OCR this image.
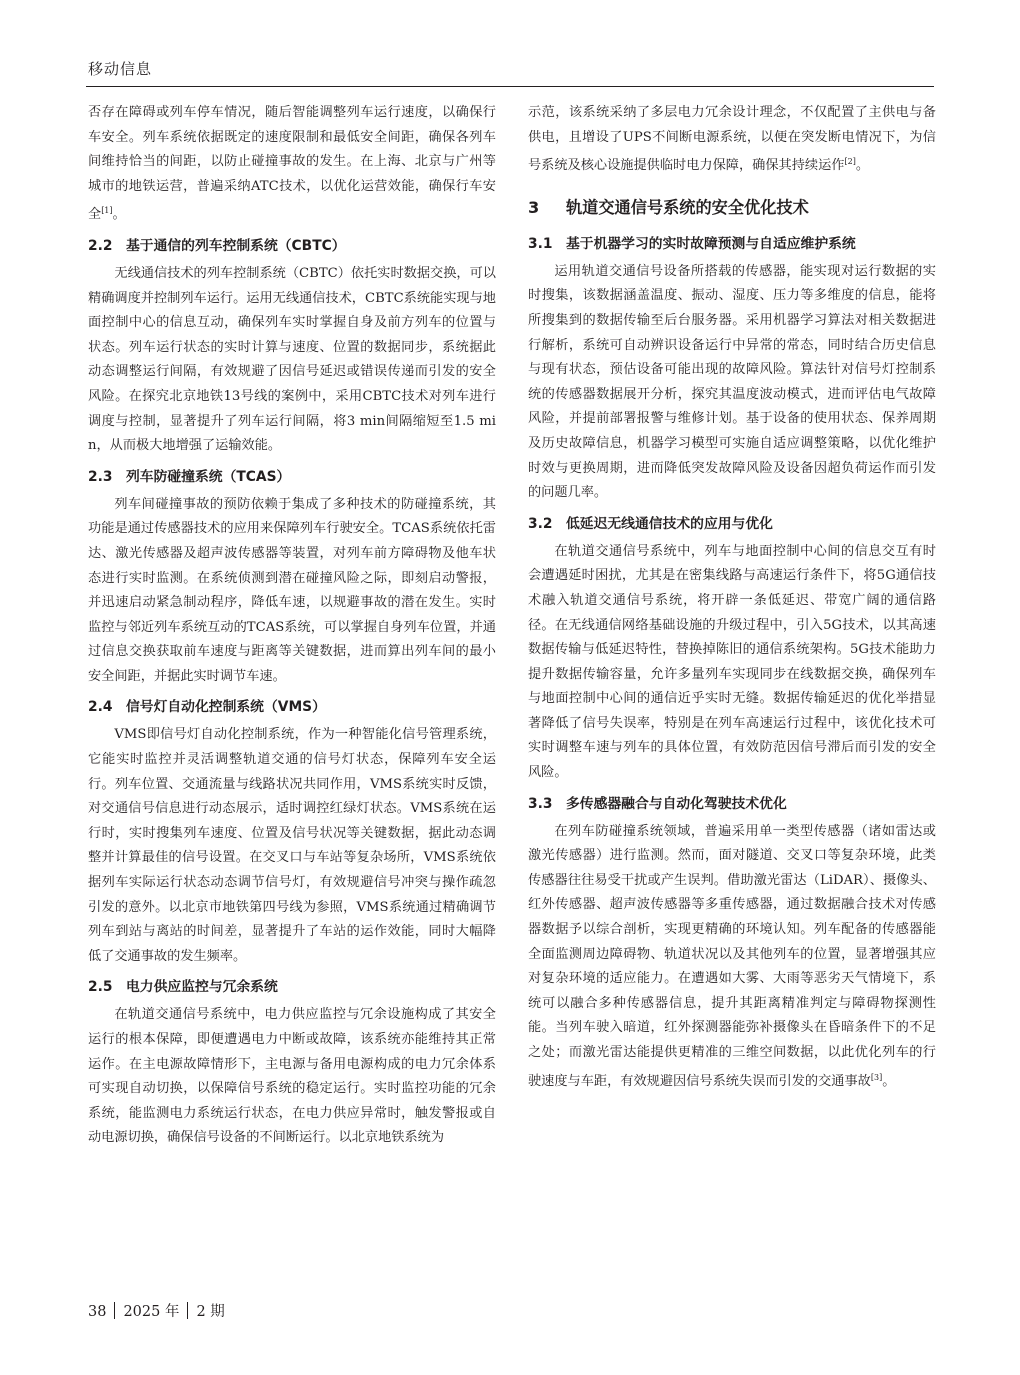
移动信息

否存在障碍或列车停车情况，随后智能调整列车运行速度，以确保行车安全。列车系统依据既定的速度限制和最低安全间距，确保各列车间维持恰当的间距，以防止碰撞事故的发生。在上海、北京与广州等城市的地铁运营，普遍采纳ATC技术，以优化运营效能，确保行车安全[1]。

2.2 基于通信的列车控制系统（CBTC）

无线通信技术的列车控制系统（CBTC）依托实时数据交换，可以精确调度并控制列车运行。运用无线通信技术，CBTC系统能实现与地面控制中心的信息互动，确保列车实时掌握自身及前方列车的位置与状态。列车运行状态的实时计算与速度、位置的数据同步，系统据此动态调整运行间隔，有效规避了因信号延迟或错误传递而引发的安全风险。在探究北京地铁13号线的案例中，采用CBTC技术对列车进行调度与控制，显著提升了列车运行间隔，将3 min间隔缩短至1.5 min，从而极大地增强了运输效能。

2.3 列车防碰撞系统（TCAS）

列车间碰撞事故的预防依赖于集成了多种技术的防碰撞系统，其功能是通过传感器技术的应用来保障列车行驶安全。TCAS系统依托雷达、激光传感器及超声波传感器等装置，对列车前方障碍物及他车状态进行实时监测。在系统侦测到潜在碰撞风险之际，即刻启动警报，并迅速启动紧急制动程序，降低车速，以规避事故的潜在发生。实时监控与邻近列车系统互动的TCAS系统，可以掌握自身列车位置，并通过信息交换获取前车速度与距离等关键数据，进而算出列车间的最小安全间距，并据此实时调节车速。

2.4 信号灯自动化控制系统（VMS）

VMS即信号灯自动化控制系统，作为一种智能化信号管理系统，它能实时监控并灵活调整轨道交通的信号灯状态，保障列车安全运行。列车位置、交通流量与线路状况共同作用，VMS系统实时反馈，对交通信号信息进行动态展示，适时调控红绿灯状态。VMS系统在运行时，实时搜集列车速度、位置及信号状况等关键数据，据此动态调整并计算最佳的信号设置。在交叉口与车站等复杂场所，VMS系统依据列车实际运行状态动态调节信号灯，有效规避信号冲突与操作疏忽引发的意外。以北京市地铁第四号线为参照，VMS系统通过精确调节列车到站与离站的时间差，显著提升了车站的运作效能，同时大幅降低了交通事故的发生频率。

2.5 电力供应监控与冗余系统

在轨道交通信号系统中，电力供应监控与冗余设施构成了其安全运行的根本保障，即便遭遇电力中断或故障，该系统亦能维持其正常运作。在主电源故障情形下，主电源与备用电源构成的电力冗余体系可实现自动切换，以保障信号系统的稳定运行。实时监控功能的冗余系统，能监测电力系统运行状态，在电力供应异常时，触发警报或自动电源切换，确保信号设备的不间断运行。以北京地铁系统为

示范，该系统采纳了多层电力冗余设计理念，不仅配置了主供电与备供电，且增设了UPS不间断电源系统，以便在突发断电情况下，为信号系统及核心设施提供临时电力保障，确保其持续运作[2]。

3 轨道交通信号系统的安全优化技术
3.1 基于机器学习的实时故障预测与自适应维护系统

运用轨道交通信号设备所搭载的传感器，能实现对运行数据的实时搜集，该数据涵盖温度、振动、湿度、压力等多维度的信息，能将所搜集到的数据传输至后台服务器。采用机器学习算法对相关数据进行解析，系统可自动辨识设备运行中异常的常态，同时结合历史信息与现有状态，预估设备可能出现的故障风险。算法针对信号灯控制系统的传感器数据展开分析，探究其温度波动模式，进而评估电气故障风险，并提前部署报警与维修计划。基于设备的使用状态、保养周期及历史故障信息，机器学习模型可实施自适应调整策略，以优化维护时效与更换周期，进而降低突发故障风险及设备因超负荷运作而引发的问题几率。

3.2 低延迟无线通信技术的应用与优化

在轨道交通信号系统中，列车与地面控制中心间的信息交互有时会遭遇延时困扰，尤其是在密集线路与高速运行条件下，将5G通信技术融入轨道交通信号系统，将开辟一条低延迟、带宽广阔的通信路径。在无线通信网络基础设施的升级过程中，引入5G技术，以其高速数据传输与低延迟特性，替换掉陈旧的通信系统架构。5G技术能助力提升数据传输容量，允许多量列车实现同步在线数据交换，确保列车与地面控制中心间的通信近乎实时无缝。数据传输延迟的优化举措显著降低了信号失误率，特别是在列车高速运行过程中，该优化技术可实时调整车速与列车的具体位置，有效防范因信号滞后而引发的安全风险。

3.3 多传感器融合与自动化驾驶技术优化

在列车防碰撞系统领域，普遍采用单一类型传感器（诸如雷达或激光传感器）进行监测。然而，面对隧道、交叉口等复杂环境，此类传感器往往易受干扰或产生误判。借助激光雷达（LiDAR）、摄像头、红外传感器、超声波传感器等多重传感器，通过数据融合技术对传感器数据予以综合剖析，实现更精确的环境认知。列车配备的传感器能全面监测周边障碍物、轨道状况以及其他列车的位置，显著增强其应对复杂环境的适应能力。在遭遇如大雾、大雨等恶劣天气情境下，系统可以融合多种传感器信息，提升其距离精准判定与障碍物探测性能。当列车驶入暗道，红外探测器能弥补摄像头在昏暗条件下的不足之处；而激光雷达能提供更精准的三维空间数据，以此优化列车的行驶速度与车距，有效规避因信号系统失误而引发的交通事故[3]。

38 2025 年 2 期
